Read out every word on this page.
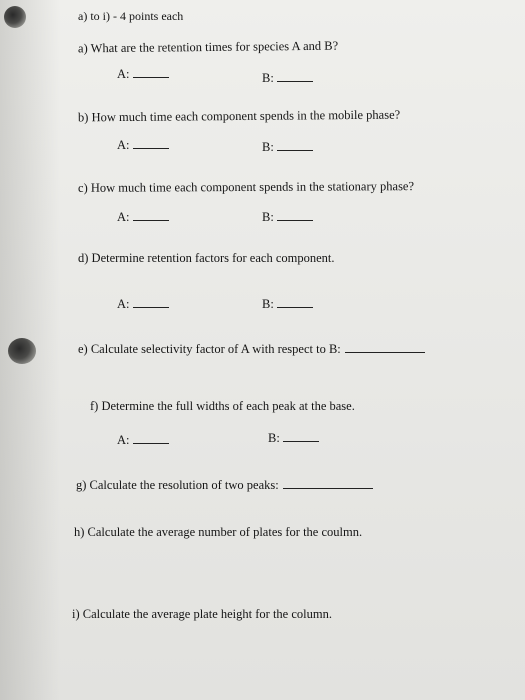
a) to i) - 4 points each
a) What are the retention times for species A and B?
A:	B:
b) How much time each component spends in the mobile phase?
A:	B:
c) How much time each component spends in the stationary phase?
A:	B:
d) Determine retention factors for each component.
A:	B:
e) Calculate selectivity factor of A with respect to B:
f) Determine the full widths of each peak at the base.
A:	B:
g) Calculate the resolution of two peaks:
h) Calculate the average number of plates for the coulmn.
i) Calculate the average plate height for the column.
